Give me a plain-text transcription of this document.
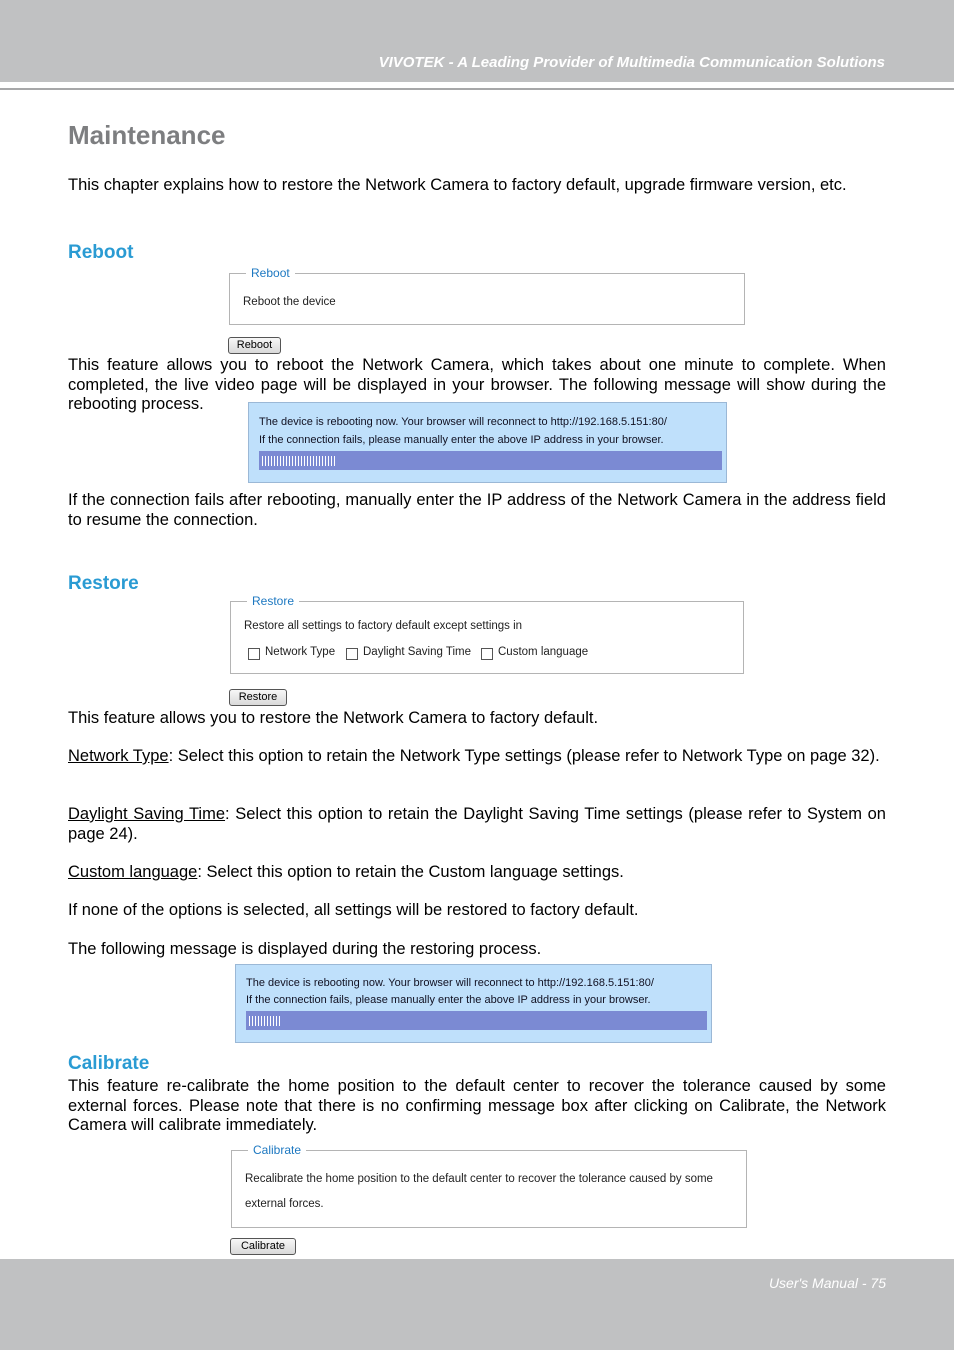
VIVOTEK - A Leading Provider of Multimedia Communication Solutions
Maintenance
This chapter explains how to restore the Network Camera to factory default, upgrade firmware version, etc.
Reboot
Reboot
Reboot the device
Reboot
This feature allows you to reboot the Network Camera, which takes about one minute to complete. When completed, the live video page will be displayed in your browser. The following message will show during the rebooting process.
The device is rebooting now. Your browser will reconnect to http://192.168.5.151:80/
If the connection fails, please manually enter the above IP address in your browser.
If the connection fails after rebooting, manually enter the IP address of the Network Camera in the address field to resume the connection.
Restore
Restore
Restore all settings to factory default except settings in
Network Type Daylight Saving Time Custom language
Restore
This feature allows you to restore the Network Camera to factory default.
Network Type: Select this option to retain the Network Type settings (please refer to Network Type on page 32).
Daylight Saving Time: Select this option to retain the Daylight Saving Time settings (please refer to System on page 24).
Custom language: Select this option to retain the Custom language settings.
If none of the options is selected, all settings will be restored to factory default.
The following message is displayed during the restoring process.
The device is rebooting now. Your browser will reconnect to http://192.168.5.151:80/
If the connection fails, please manually enter the above IP address in your browser.
Calibrate
This feature re-calibrate the home position to the default center to recover the tolerance caused by some external forces. Please note that there is no confirming message box after clicking on Calibrate, the Network Camera will calibrate immediately.
Calibrate
Recalibrate the home position to the default center to recover the tolerance caused by some
external forces.
Calibrate
User's Manual - 75
